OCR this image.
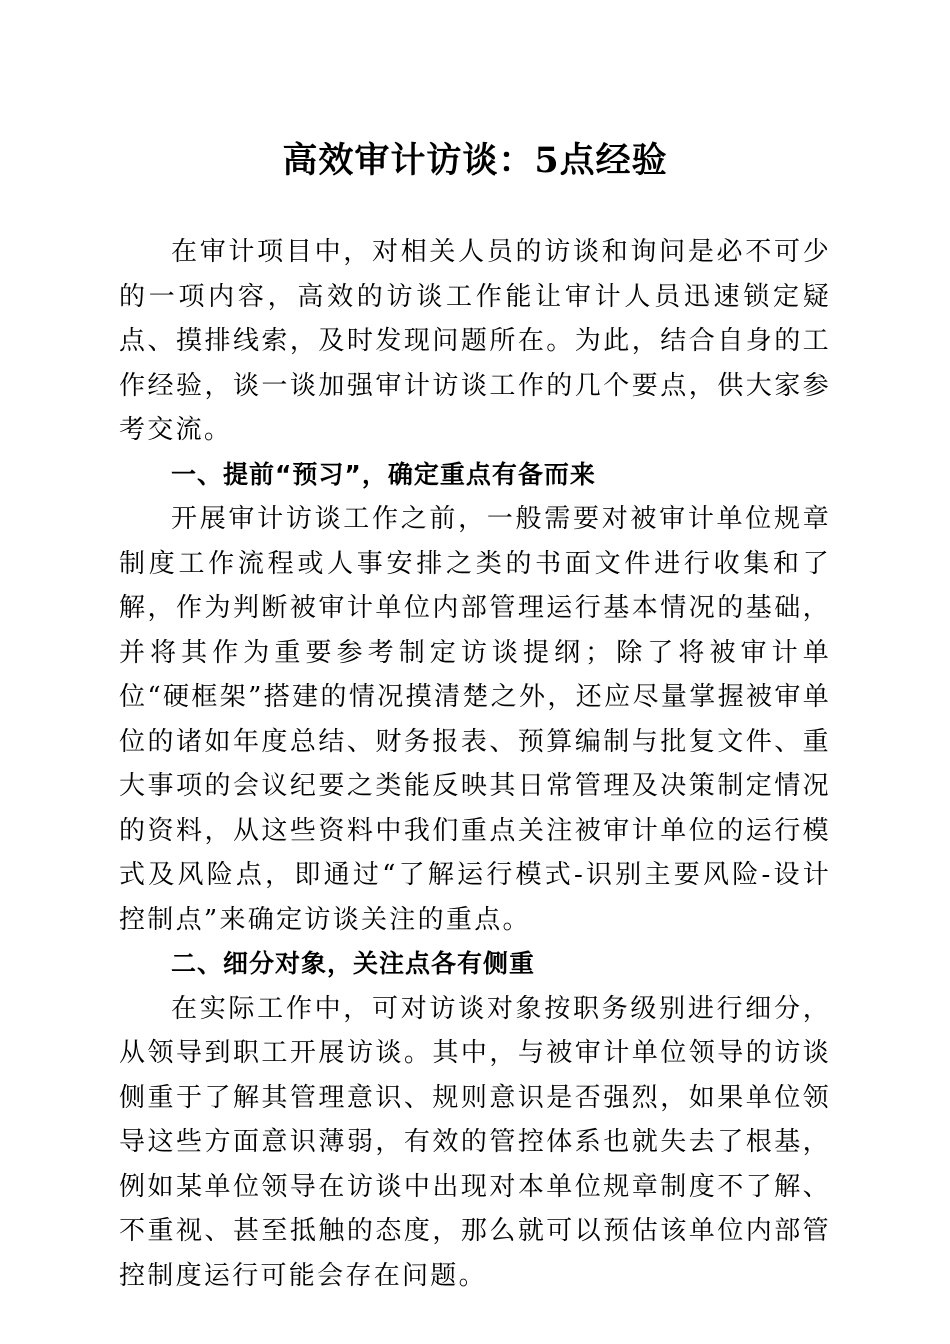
高效审计访谈：5点经验

在审计项目中，对相关人员的访谈和询问是必不可少的一项内容，高效的访谈工作能让审计人员迅速锁定疑点、摸排线索，及时发现问题所在。为此，结合自身的工作经验，谈一谈加强审计访谈工作的几个要点，供大家参考交流。

一、提前“预习”，确定重点有备而来

开展审计访谈工作之前，一般需要对被审计单位规章制度工作流程或人事安排之类的书面文件进行收集和了解，作为判断被审计单位内部管理运行基本情况的基础，并将其作为重要参考制定访谈提纲；除了将被审计单位“硬框架”搭建的情况摸清楚之外，还应尽量掌握被审单位的诸如年度总结、财务报表、预算编制与批复文件、重大事项的会议纪要之类能反映其日常管理及决策制定情况的资料，从这些资料中我们重点关注被审计单位的运行模式及风险点，即通过“了解运行模式-识别主要风险-设计控制点”来确定访谈关注的重点。

二、细分对象，关注点各有侧重

在实际工作中，可对访谈对象按职务级别进行细分，从领导到职工开展访谈。其中，与被审计单位领导的访谈侧重于了解其管理意识、规则意识是否强烈，如果单位领导这些方面意识薄弱，有效的管控体系也就失去了根基，例如某单位领导在访谈中出现对本单位规章制度不了解、不重视、甚至抵触的态度，那么就可以预估该单位内部管控制度运行可能会存在问题。
